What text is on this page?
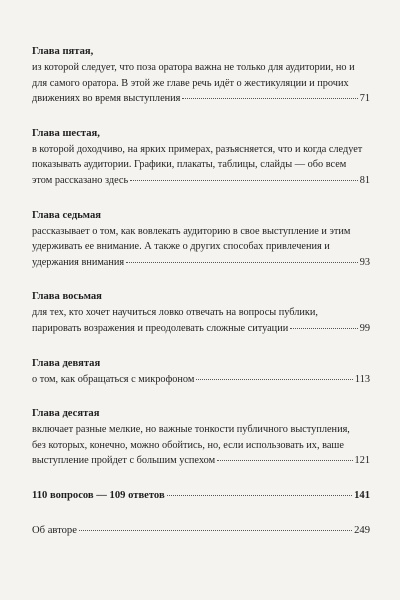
Глава пятая,

из которой следует, что поза оратора важна не только для аудитории, но и

для самого оратора. В этой же главе речь идёт о жестикуляции и прочих

движениях во время выступления	71

Глава шестая,

в которой доходчиво, на ярких примерах, разъясняется, что и когда следует

показывать аудитории. Графики, плакаты, таблицы, слайды — обо всем

этом рассказано здесь	81

Глава седьмая

рассказывает о том, как вовлекать аудиторию в свое выступление и этим

удерживать ее внимание. А также о других способах привлечения и

удержания внимания	93

Глава восьмая

для тех, кто хочет научиться ловко отвечать на вопросы публики,

парировать возражения и преодолевать сложные ситуации	99

Глава девятая

о том, как обращаться с микрофоном	113

Глава десятая

включает разные мелкие, но важные тонкости публичного выступления,

без которых, конечно, можно обойтись, но, если использовать их, ваше

выступление пройдет с большим успехом	121

110 вопросов — 109 ответов	141

Об авторе	249
